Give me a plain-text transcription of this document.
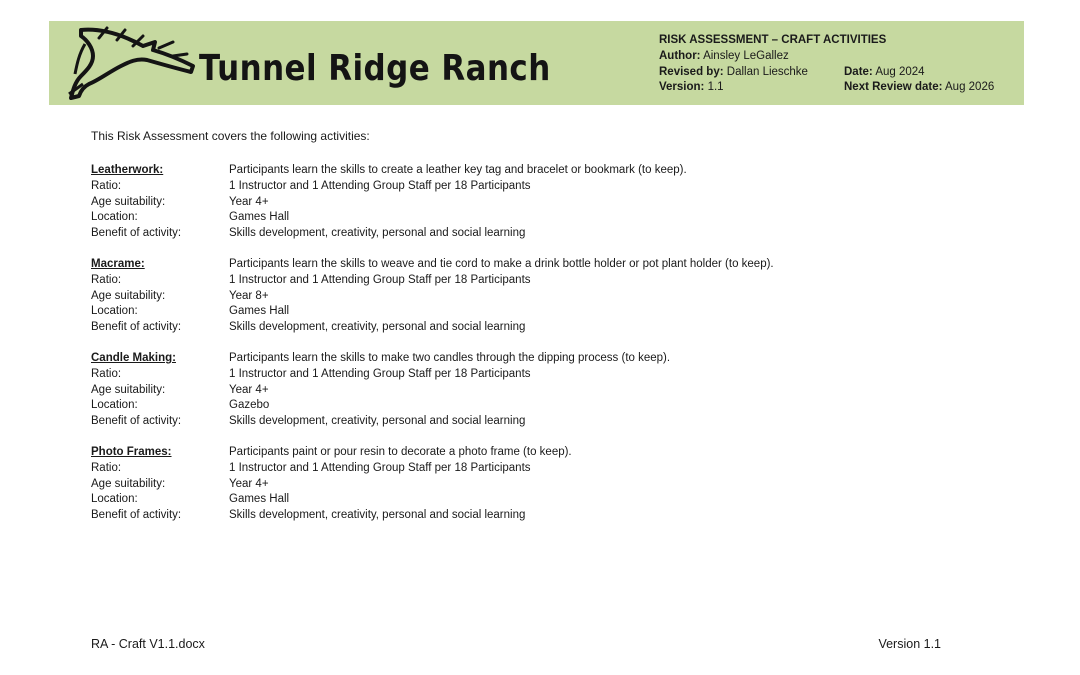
Tunnel Ridge Ranch
RISK ASSESSMENT – CRAFT ACTIVITIES
Author: Ainsley LeGallez
Revised by: Dallan Lieschke	Date: Aug 2024
Version: 1.1	Next Review date: Aug 2026
This Risk Assessment covers the following activities:
Leatherwork:	Participants learn the skills to create a leather key tag and bracelet or bookmark (to keep).
Ratio:	1 Instructor and 1 Attending Group Staff per 18 Participants
Age suitability:	Year 4+
Location:	Games Hall
Benefit of activity:	Skills development, creativity, personal and social learning
Macrame:	Participants learn the skills to weave and tie cord to make a drink bottle holder or pot plant holder (to keep).
Ratio:	1 Instructor and 1 Attending Group Staff per 18 Participants
Age suitability:	Year 8+
Location:	Games Hall
Benefit of activity:	Skills development, creativity, personal and social learning
Candle Making:	Participants learn the skills to make two candles through the dipping process (to keep).
Ratio:	1 Instructor and 1 Attending Group Staff per 18 Participants
Age suitability:	Year 4+
Location:	Gazebo
Benefit of activity:	Skills development, creativity, personal and social learning
Photo Frames:	Participants paint or pour resin to decorate a photo frame (to keep).
Ratio:	1 Instructor and 1 Attending Group Staff per 18 Participants
Age suitability:	Year 4+
Location:	Games Hall
Benefit of activity:	Skills development, creativity, personal and social learning
RA - Craft V1.1.docx	Version 1.1
